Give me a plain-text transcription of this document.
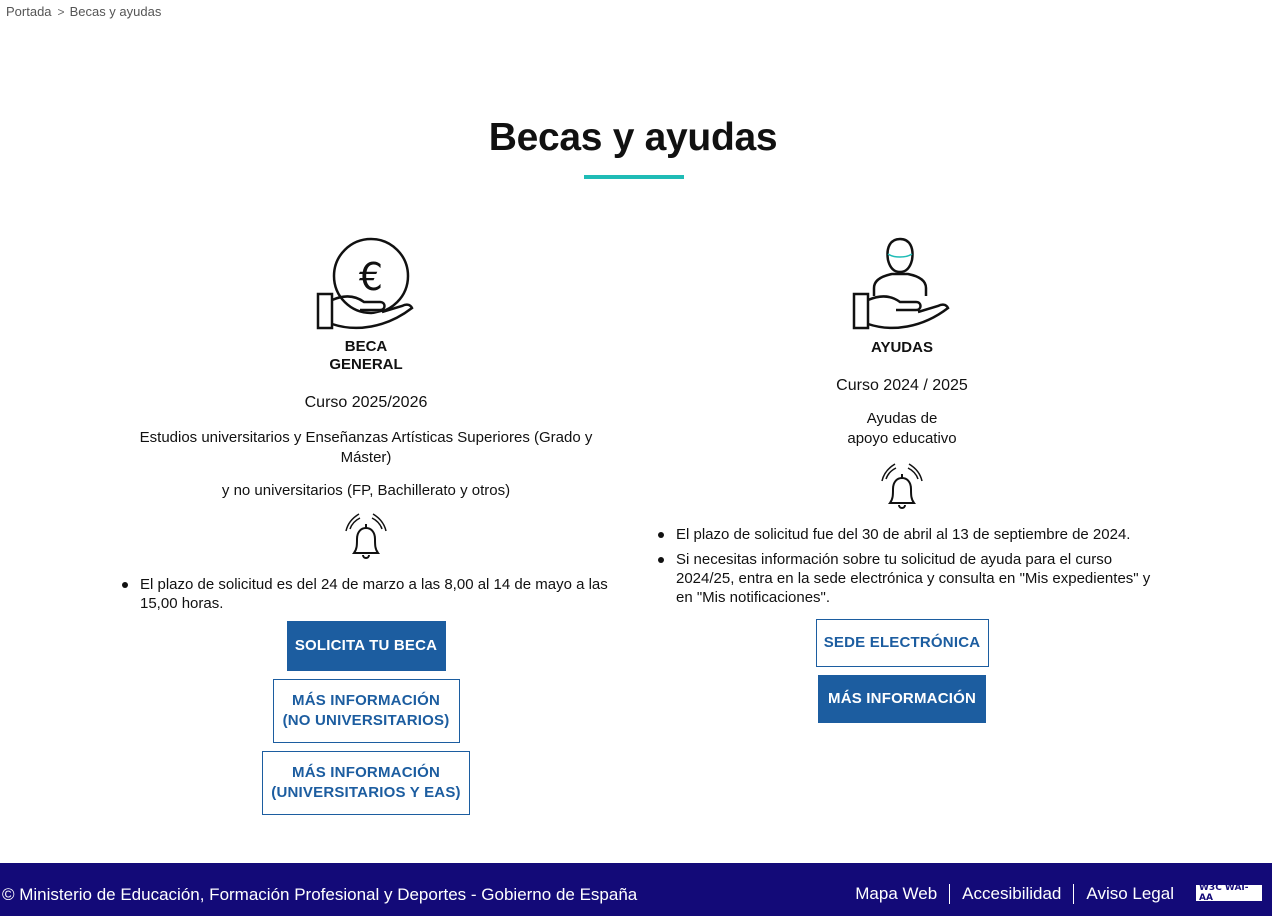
Portada > Becas y ayudas
Becas y ayudas
€
BECA
GENERAL
Curso 2025/2026
Estudios universitarios y Enseñanzas Artísticas Superiores (Grado y Máster)
y no universitarios (FP, Bachillerato y otros)
El plazo de solicitud es del 24 de marzo a las 8,00 al 14 de mayo a las 15,00 horas.
SOLICITA TU BECA
MÁS INFORMACIÓN
(NO UNIVERSITARIOS)
MÁS INFORMACIÓN
(UNIVERSITARIOS Y EAS)
AYUDAS
Curso 2024 / 2025
Ayudas de
apoyo educativo
El plazo de solicitud fue del 30 de abril al 13 de septiembre de 2024.
Si necesitas información sobre tu solicitud de ayuda para el curso 2024/25, entra en la sede electrónica y consulta en "Mis expedientes" y en "Mis notificaciones".
SEDE ELECTRÓNICA
MÁS INFORMACIÓN
© Ministerio de Educación, Formación Profesional y Deportes - Gobierno de España	Mapa Web	Accesibilidad	Aviso Legal	W3C WAI-AA
